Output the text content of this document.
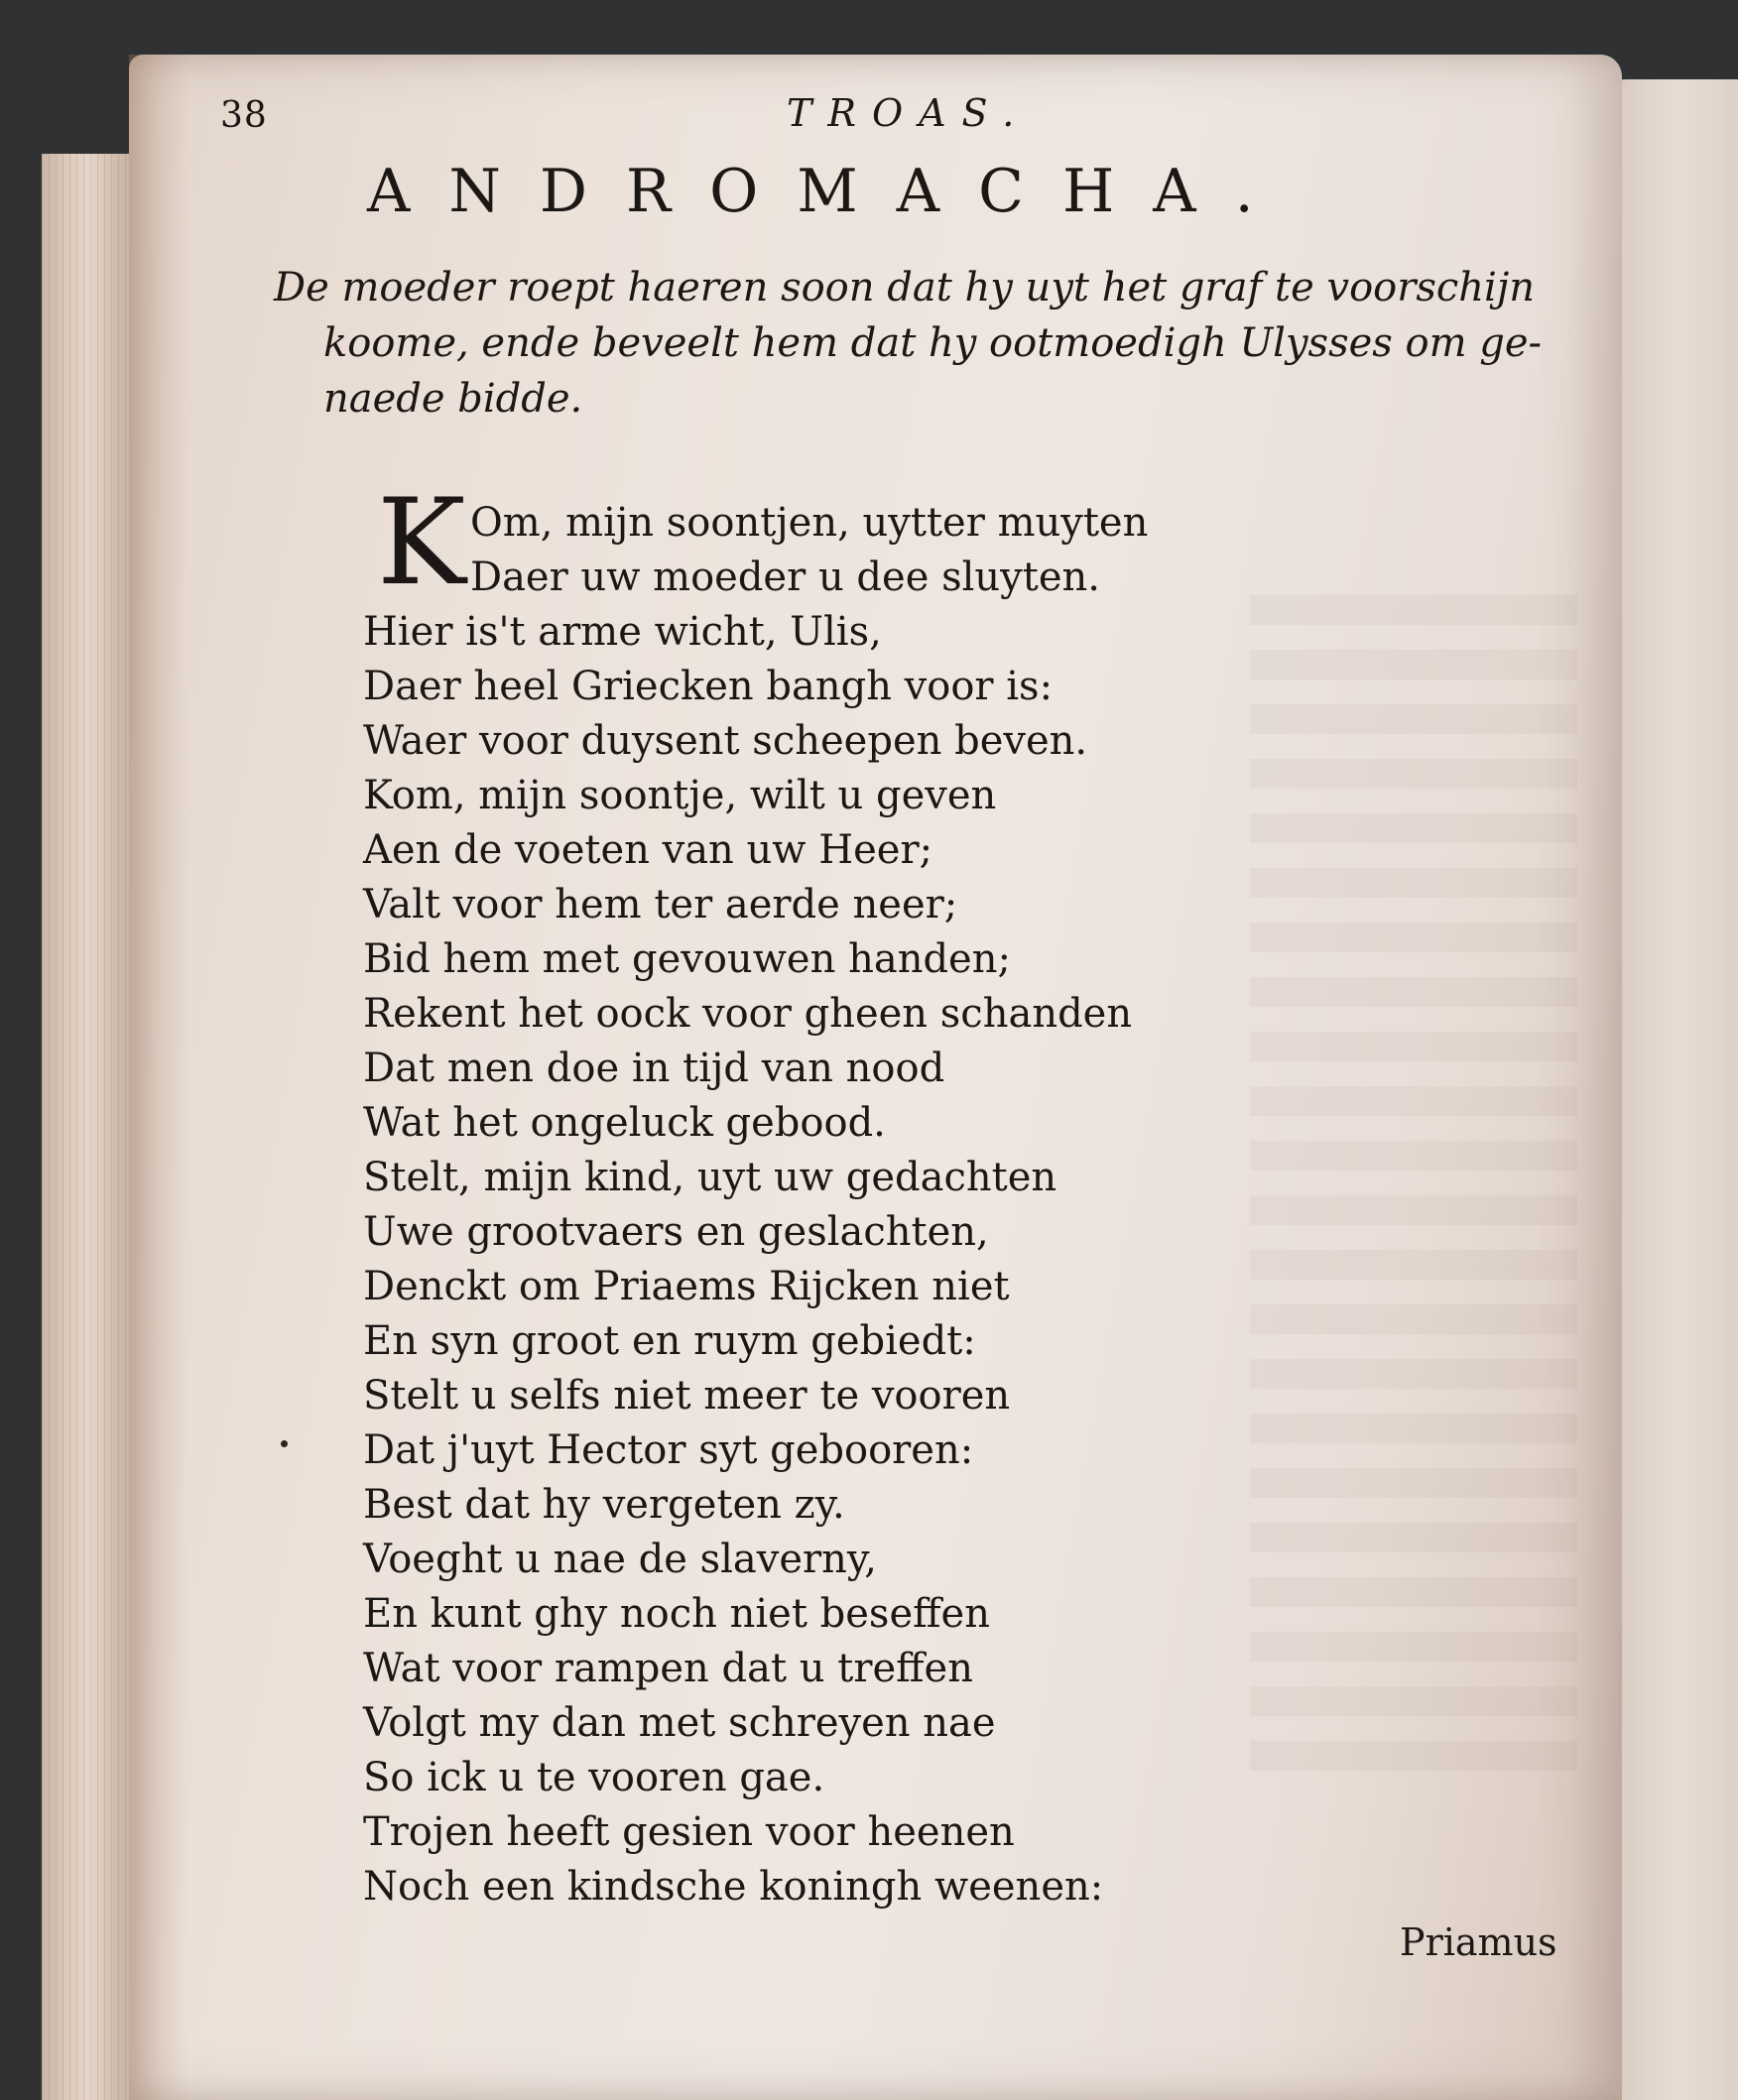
38	TROAS.
ANDROMACHA.
De moeder roept haeren soon dat hy uyt het graf te voorschijn
koome, ende beveelt hem dat hy ootmoedigh Ulysses om ge-
naede bidde.
K Om, mijn soontjen, uytter muyten
Daer uw moeder u dee sluyten.
Hier is't arme wicht, Ulis,
Daer heel Griecken bangh voor is:
Waer voor duysent scheepen beven.
Kom, mijn soontje, wilt u geven
Aen de voeten van uw Heer;
Valt voor hem ter aerde neer;
Bid hem met gevouwen handen;
Rekent het oock voor gheen schanden
Dat men doe in tijd van nood
Wat het ongeluck gebood.
Stelt, mijn kind, uyt uw gedachten
Uwe grootvaers en geslachten,
Denckt om Priaems Rijcken niet
En syn groot en ruym gebiedt:
Stelt u selfs niet meer te vooren
Dat j'uyt Hector syt gebooren:
Best dat hy vergeten zy.
Voeght u nae de slaverny,
En kunt ghy noch niet beseffen
Wat voor rampen dat u treffen
Volgt my dan met schreyen nae
So ick u te vooren gae.
Trojen heeft gesien voor heenen
Noch een kindsche koningh weenen:
Priamus
